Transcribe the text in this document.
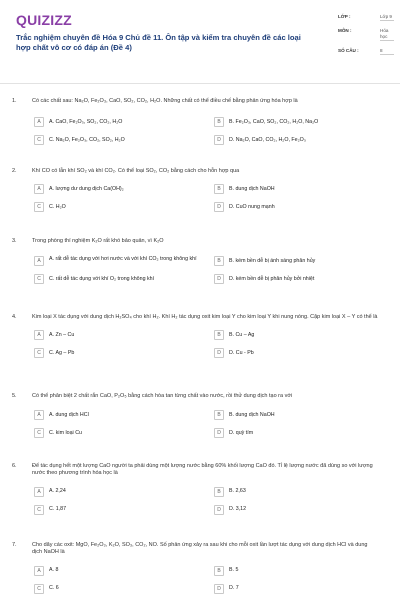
QUIZIZZ
Trắc nghiệm chuyên đề Hóa 9 Chủ đề 11. Ôn tập và kiểm tra chuyên đề các loại hợp chất vô cơ có đáp án (Đề 4)
LỚP :	Lớp 9
MÔN :	Hóa học
SỐ CÂU :	8
1.	Có các chất sau: Na₂O, Fe₂O₃, CaO, SO₂, CO₂, H₂O. Những chất có thể điều chế bằng phản ứng hóa hợp là
A	A. CaO, Fe₂O₃, SO₂, CO₂, H₂O	B	B. Fe₂O₃, CaO, SO₂, CO₂, H₂O, Na₂O
C	C. Na₂O, Fe₂O₃, CO₂, SO₂, H₂O	D	D. Na₂O, CaO, CO₂, H₂O, Fe₂O₃
2.	Khí CO có lẫn khí SO₂ và khí CO₂. Có thể loại SO₂, CO₂ bằng cách cho hỗn hợp qua
A	A. lượng dư dung dịch Ca(OH)₂	B	B. dung dịch NaOH
C	C. H₂O	D	D. CuO nung mạnh
3.	Trong phòng thí nghiệm K₂O rất khó bảo quản, vì K₂O
A	A. rất dễ tác dụng với hơi nước và với khí CO₂ trong không khí	B	B. kém bền dễ bị ánh sáng phân hủy
C	C. rất dễ tác dụng với khí O₂ trong không khí	D	D. kém bền dễ bị phân hủy bởi nhiệt
4.	Kim loại X tác dụng với dung dịch H₂SO₄ cho khí H₂. Khí H₂ tác dụng oxit kim loại Y cho kim loại Y khi nung nóng. Cặp kim loại X – Y có thể là
A	A. Zn – Cu	B	B. Cu – Ag
C	C. Ag – Pb	D	D. Cu - Pb
5.	Có thể phân biệt 2 chất rắn CaO, P₂O₅ bằng cách hòa tan từng chất vào nước, rồi thử dung dịch tạo ra với
A	A. dung dịch HCl	B	B. dung dịch NaOH
C	C. kim loại Cu	D	D. quỳ tím
6.	Để tác dụng hết một lượng CaO người ta phải dùng một lượng nước bằng 60% khối lượng CaO đó. Tỉ lệ lượng nước đã dùng so với lượng nước theo phương trình hóa học là
A	A. 2,24	B	B. 2,63
C	C. 1,87	D	D. 3,12
7.	Cho dãy các oxit: MgO, Fe₂O₃, K₂O, SO₃, CO₂, NO. Số phản ứng xảy ra sau khi cho mỗi oxit lần lượt tác dụng với dung dịch HCl và dung dịch NaOH là
A	A. 8	B	B. 5
C	C. 6	D	D. 7
